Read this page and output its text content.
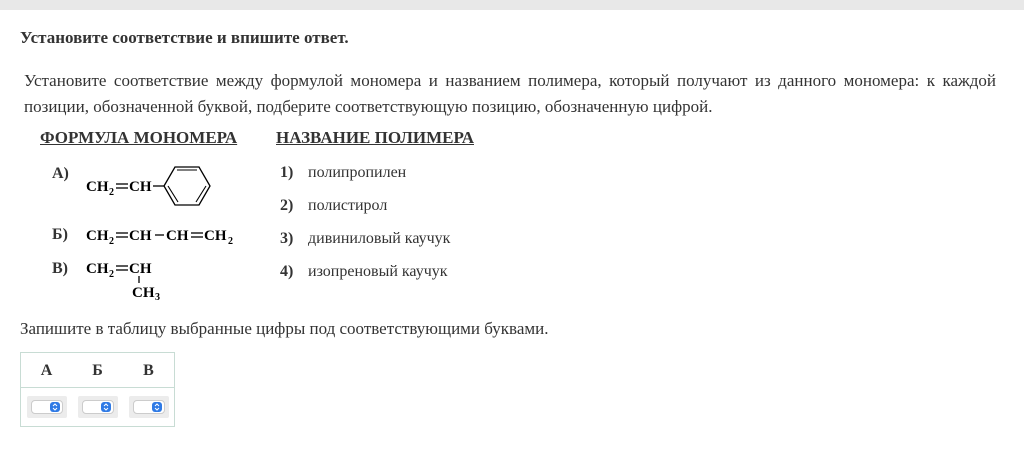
Установите соответствие и впишите ответ.
Установите соответствие между формулой мономера и названием полимера, который получают из данного мономера: к каждой позиции, обозначенной буквой, подберите соответствующую позицию, обозначенную цифрой.
ФОРМУЛА МОНОМЕРА НАЗВАНИЕ ПОЛИМЕРА
А)
CH 2 CH
Б) CH 2 CH CH CH 2
В) CH 2 CH
CH 3
1) полипропилен
2) полистирол
3) дивиниловый каучук
4) изопреновый каучук
Запишите в таблицу выбранные цифры под соответствующими буквами.
А	Б	В
